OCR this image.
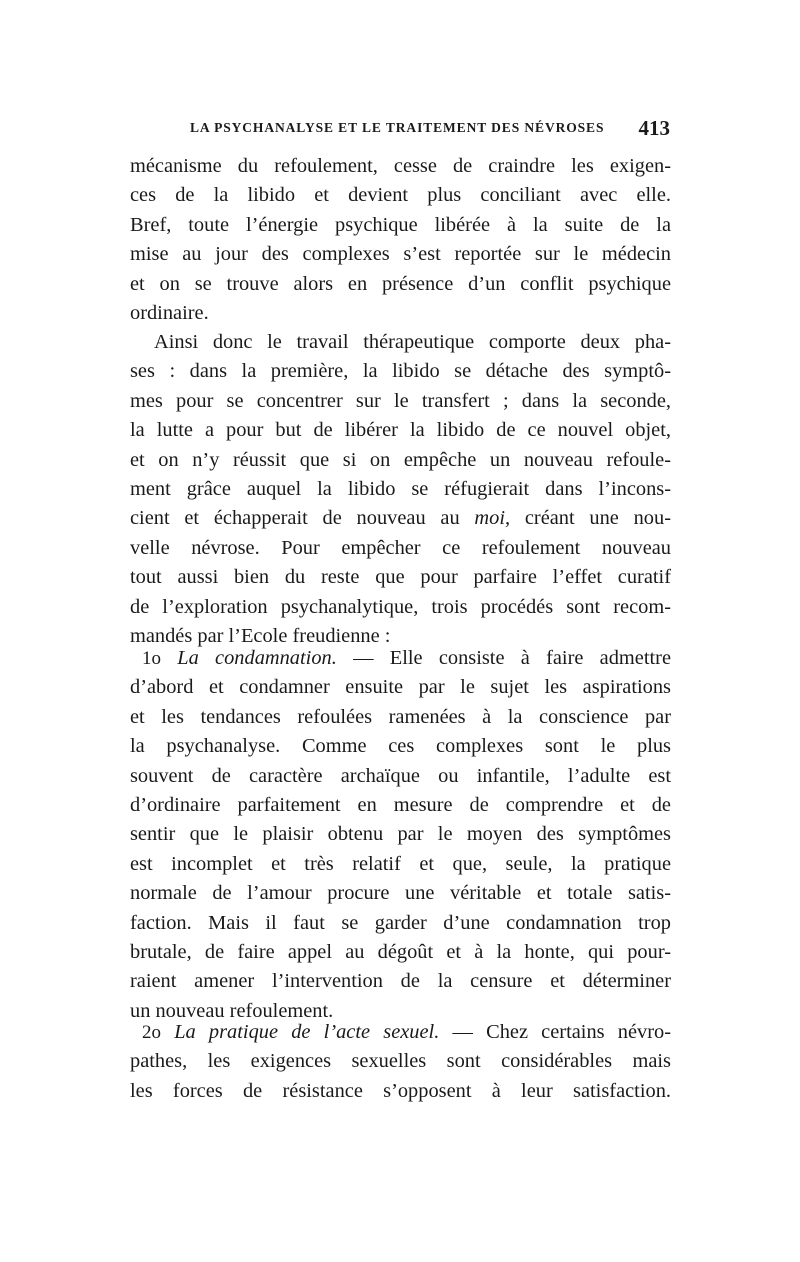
LA PSYCHANALYSE ET LE TRAITEMENT DES NÉVROSES 413
mécanisme du refoulement, cesse de craindre les exigen-
ces de la libido et devient plus conciliant avec elle.
Bref, toute l’énergie psychique libérée à la suite de la
mise au jour des complexes s’est reportée sur le médecin
et on se trouve alors en présence d’un conflit psychique
ordinaire.
Ainsi donc le travail thérapeutique comporte deux pha-
ses : dans la première, la libido se détache des symptô-
mes pour se concentrer sur le transfert ; dans la seconde,
la lutte a pour but de libérer la libido de ce nouvel objet,
et on n’y réussit que si on empêche un nouveau refoule-
ment grâce auquel la libido se réfugierait dans l’incons-
cient et échapperait de nouveau au moi, créant une nou-
velle névrose. Pour empêcher ce refoulement nouveau
tout aussi bien du reste que pour parfaire l’effet curatif
de l’exploration psychanalytique, trois procédés sont recom-
mandés par l’Ecole freudienne :
1o La condamnation. — Elle consiste à faire admettre
d’abord et condamner ensuite par le sujet les aspirations
et les tendances refoulées ramenées à la conscience par
la psychanalyse. Comme ces complexes sont le plus
souvent de caractère archaïque ou infantile, l’adulte est
d’ordinaire parfaitement en mesure de comprendre et de
sentir que le plaisir obtenu par le moyen des symptômes
est incomplet et très relatif et que, seule, la pratique
normale de l’amour procure une véritable et totale satis-
faction. Mais il faut se garder d’une condamnation trop
brutale, de faire appel au dégoût et à la honte, qui pour-
raient amener l’intervention de la censure et déterminer
un nouveau refoulement.
2o La pratique de l’acte sexuel. — Chez certains névro-
pathes, les exigences sexuelles sont considérables mais
les forces de résistance s’opposent à leur satisfaction.
